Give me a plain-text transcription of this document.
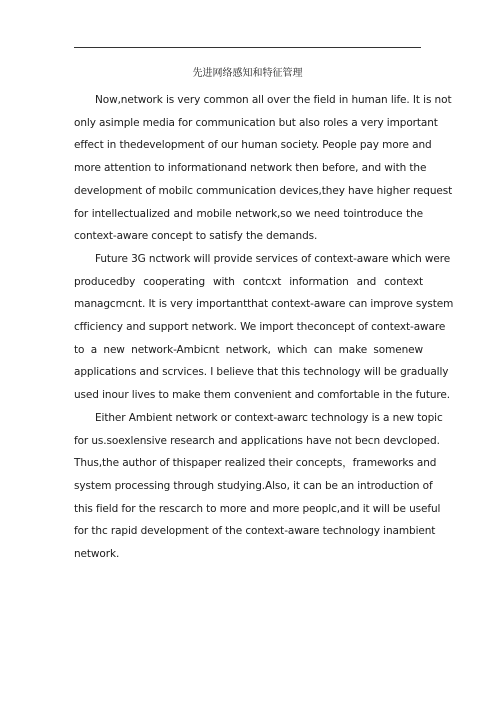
先进网络感知和特征管理

Now,network is very common all over the field in human life. It is not
only asimple media for communication but also roles a very important
effect in thedevelopment of our human society. People pay more and
more attention to informationand network then before, and with the
development of mobilc communication devices,they have higher request
for intellectualized and mobile network,so we need tointroduce the
context-aware concept to satisfy the demands.

Future 3G nctwork will provide services of context-aware which were
producedby cooperating with contcxt information and context
managcmcnt. It is very importantthat context-aware can improve system
cfficiency and support network. We import theconcept of context-aware
to a new network-Ambicnt network, which can make somenew
applications and scrvices. I believe that this technology will be gradually
used inour lives to make them convenient and comfortable in the future.

Either Ambient network or context-awarc technology is a new topic
for us.soexlensive research and applications have not becn devcloped.
Thus,the author of thispaper realized their concepts，frameworks and
system processing through studying.Also, it can be an introduction of
this field for the rescarch to more and more peoplc,and it will be useful
for thc rapid development of the context-aware technology inambient
network.
